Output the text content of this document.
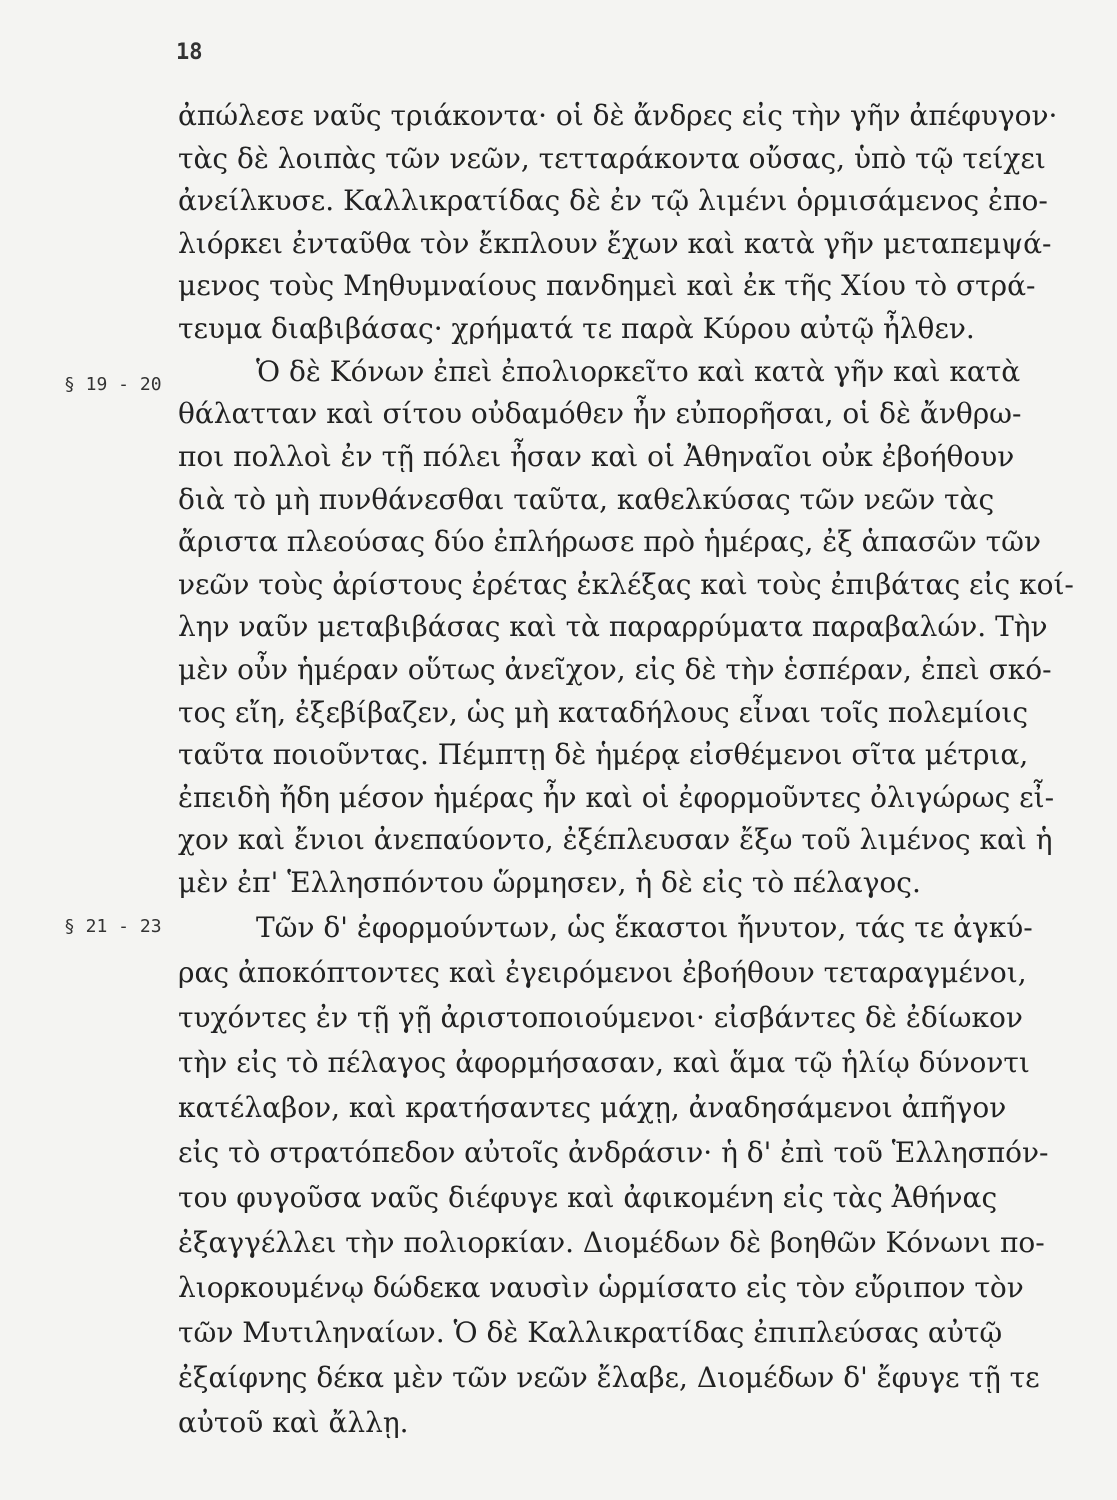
18
§ 19 - 20
§ 21 - 23
ἀπώλεσε ναῦς τριάκοντα· οἱ δὲ ἄνδρες εἰς τὴν γῆν ἀπέφυγον·
τὰς δὲ λοιπὰς τῶν νεῶν, τετταράκοντα οὔσας, ὑπὸ τῷ τείχει
ἀνείλκυσε. Καλλικρατίδας δὲ ἐν τῷ λιμένι ὁρμισάμενος ἐπο-
λιόρκει ἐνταῦθα τὸν ἔκπλουν ἔχων καὶ κατὰ γῆν μεταπεμψά-
μενος τοὺς Μηθυμναίους πανδημεὶ καὶ ἐκ τῆς Χίου τὸ στρά-
τευμα διαβιβάσας· χρήματά τε παρὰ Κύρου αὐτῷ ἦλθεν.
Ὁ δὲ Κόνων ἐπεὶ ἐπολιορκεῖτο καὶ κατὰ γῆν καὶ κατὰ
θάλατταν καὶ σίτου οὐδαμόθεν ἦν εὐπορῆσαι, οἱ δὲ ἄνθρω-
ποι πολλοὶ ἐν τῇ πόλει ἦσαν καὶ οἱ Ἀθηναῖοι οὐκ ἐβοήθουν
διὰ τὸ μὴ πυνθάνεσθαι ταῦτα, καθελκύσας τῶν νεῶν τὰς
ἄριστα πλεούσας δύο ἐπλήρωσε πρὸ ἡμέρας, ἐξ ἁπασῶν τῶν
νεῶν τοὺς ἀρίστους ἐρέτας ἐκλέξας καὶ τοὺς ἐπιβάτας εἰς κοί-
λην ναῦν μεταβιβάσας καὶ τὰ παραρρύματα παραβαλών. Τὴν
μὲν οὖν ἡμέραν οὕτως ἀνεῖχον, εἰς δὲ τὴν ἑσπέραν, ἐπεὶ σκό-
τος εἴη, ἐξεβίβαζεν, ὡς μὴ καταδήλους εἶναι τοῖς πολεμίοις
ταῦτα ποιοῦντας. Πέμπτῃ δὲ ἡμέρᾳ εἰσθέμενοι σῖτα μέτρια,
ἐπειδὴ ἤδη μέσον ἡμέρας ἦν καὶ οἱ ἐφορμοῦντες ὀλιγώρως εἶ-
χον καὶ ἔνιοι ἀνεπαύοντο, ἐξέπλευσαν ἔξω τοῦ λιμένος καὶ ἡ
μὲν ἐπ' Ἑλλησπόντου ὥρμησεν, ἡ δὲ εἰς τὸ πέλαγος.
Τῶν δ' ἐφορμούντων, ὡς ἕκαστοι ἤνυτον, τάς τε ἀγκύ-
ρας ἀποκόπτοντες καὶ ἐγειρόμενοι ἐβοήθουν τεταραγμένοι,
τυχόντες ἐν τῇ γῇ ἀριστοποιούμενοι· εἰσβάντες δὲ ἐδίωκον
τὴν εἰς τὸ πέλαγος ἀφορμήσασαν, καὶ ἅμα τῷ ἡλίῳ δύνοντι
κατέλαβον, καὶ κρατήσαντες μάχῃ, ἀναδησάμενοι ἀπῆγον
εἰς τὸ στρατόπεδον αὐτοῖς ἀνδράσιν· ἡ δ' ἐπὶ τοῦ Ἑλλησπόν-
του φυγοῦσα ναῦς διέφυγε καὶ ἀφικομένη εἰς τὰς Ἀθήνας
ἐξαγγέλλει τὴν πολιορκίαν. Διομέδων δὲ βοηθῶν Κόνωνι πο-
λιορκουμένῳ δώδεκα ναυσὶν ὡρμίσατο εἰς τὸν εὔριπον τὸν
τῶν Μυτιληναίων. Ὁ δὲ Καλλικρατίδας ἐπιπλεύσας αὐτῷ
ἐξαίφνης δέκα μὲν τῶν νεῶν ἔλαβε, Διομέδων δ' ἔφυγε τῇ τε
αὐτοῦ καὶ ἄλλῃ.
